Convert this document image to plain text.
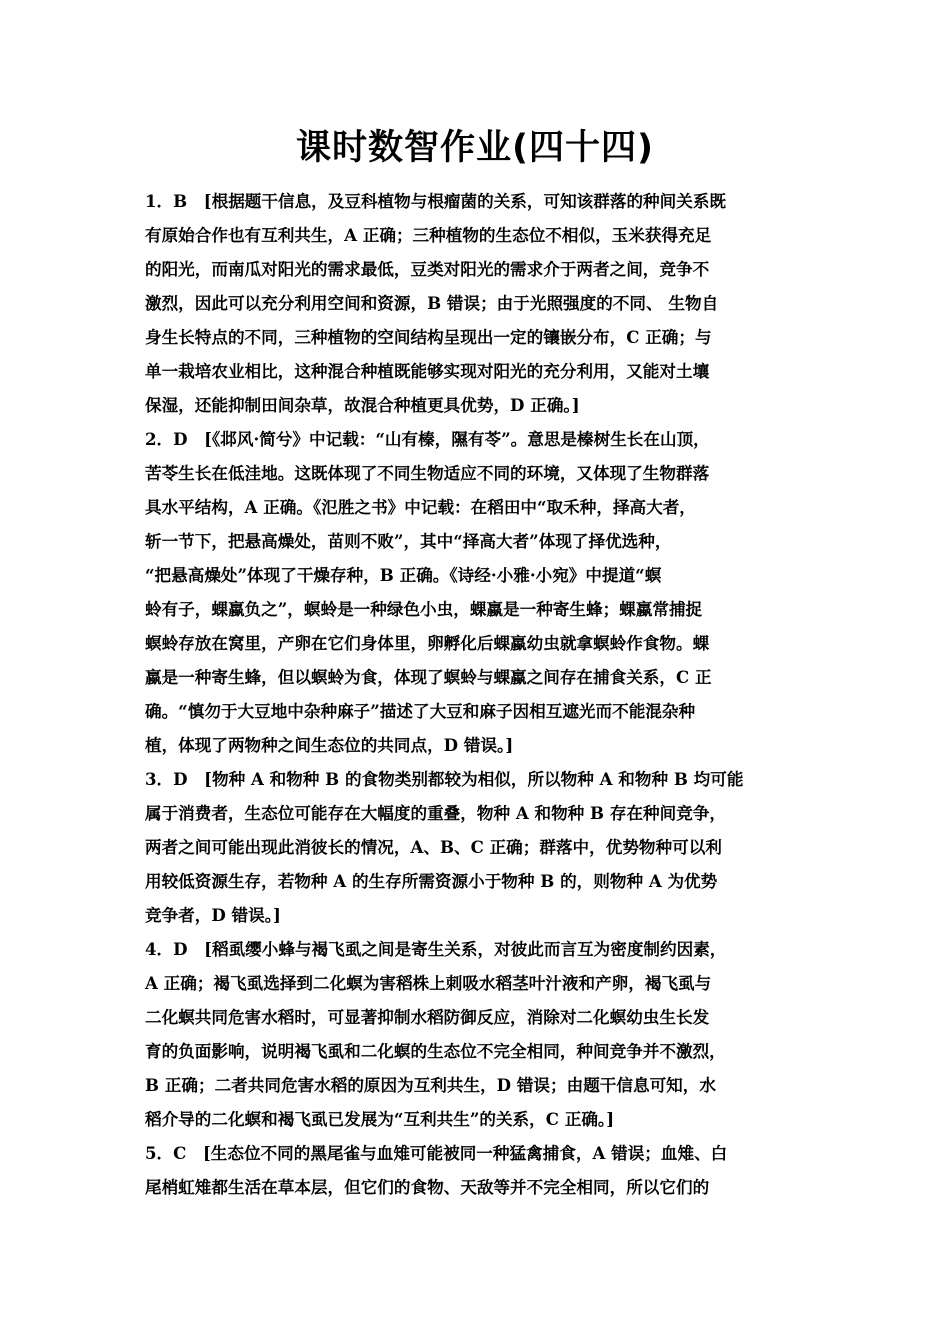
课时数智作业(四十四)
1．B　[根据题干信息，及豆科植物与根瘤菌的关系，可知该群落的种间关系既
有原始合作也有互利共生，A 正确；三种植物的生态位不相似，玉米获得充足
的阳光，而南瓜对阳光的需求最低，豆类对阳光的需求介于两者之间，竞争不
激烈，因此可以充分利用空间和资源，B 错误；由于光照强度的不同、 生物自
身生长特点的不同，三种植物的空间结构呈现出一定的镶嵌分布，C 正确；与
单一栽培农业相比，这种混合种植既能够实现对阳光的充分利用，又能对土壤
保湿，还能抑制田间杂草，故混合种植更具优势，D 正确。]
2．D　[《邶风·简兮》中记载：“山有榛，隰有苓”。意思是榛树生长在山顶，
苦苓生长在低洼地。这既体现了不同生物适应不同的环境，又体现了生物群落
具水平结构，A 正确。《氾胜之书》中记载：在稻田中“取禾种，择高大者，
斩一节下，把悬高燥处，苗则不败”，其中“择高大者”体现了择优选种，
“把悬高燥处”体现了干燥存种，B 正确。《诗经·小雅·小宛》中提道“螟
蛉有子，蜾蠃负之”，螟蛉是一种绿色小虫，蜾蠃是一种寄生蜂；蜾蠃常捕捉
螟蛉存放在窝里，产卵在它们身体里，卵孵化后蜾蠃幼虫就拿螟蛉作食物。蜾
蠃是一种寄生蜂，但以螟蛉为食，体现了螟蛉与蜾蠃之间存在捕食关系，C 正
确。“慎勿于大豆地中杂种麻子”描述了大豆和麻子因相互遮光而不能混杂种
植，体现了两物种之间生态位的共同点，D 错误。]
3．D　[物种 A 和物种 B 的食物类别都较为相似，所以物种 A 和物种 B 均可能
属于消费者，生态位可能存在大幅度的重叠，物种 A 和物种 B 存在种间竞争，
两者之间可能出现此消彼长的情况，A、B、C 正确；群落中，优势物种可以利
用较低资源生存，若物种 A 的生存所需资源小于物种 B 的，则物种 A 为优势
竞争者，D 错误。]
4．D　[稻虱缨小蜂与褐飞虱之间是寄生关系，对彼此而言互为密度制约因素，
A 正确；褐飞虱选择到二化螟为害稻株上刺吸水稻茎叶汁液和产卵，褐飞虱与
二化螟共同危害水稻时，可显著抑制水稻防御反应，消除对二化螟幼虫生长发
育的负面影响，说明褐飞虱和二化螟的生态位不完全相同，种间竞争并不激烈，
B 正确；二者共同危害水稻的原因为互利共生，D 错误；由题干信息可知，水
稻介导的二化螟和褐飞虱已发展为“互利共生”的关系，C 正确。]
5．C　[生态位不同的黑尾雀与血雉可能被同一种猛禽捕食，A 错误；血雉、白
尾梢虹雉都生活在草本层，但它们的食物、天敌等并不完全相同，所以它们的
